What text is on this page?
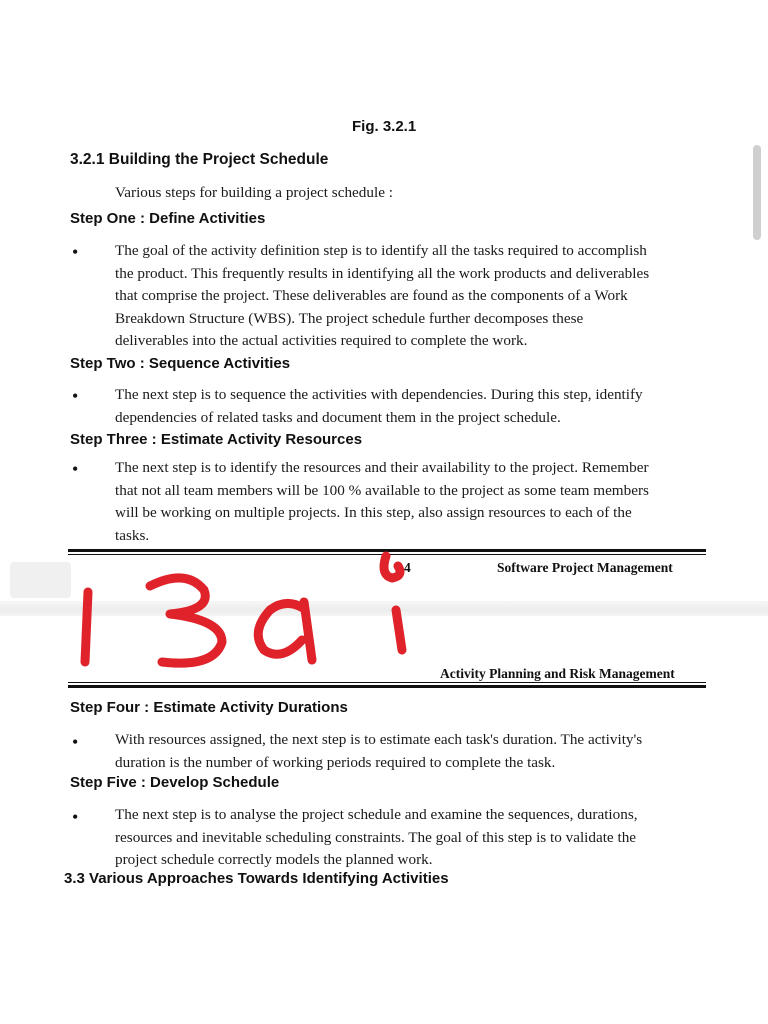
Fig. 3.2.1
3.2.1 Building the Project Schedule
Various steps for building a project schedule :
Step One : Define Activities
• The goal of the activity definition step is to identify all the tasks required to accomplish
the product. This frequently results in identifying all the work products and deliverables
that comprise the project. These deliverables are found as the components of a Work
Breakdown Structure (WBS). The project schedule further decomposes these
deliverables into the actual activities required to complete the work.
Step Two : Sequence Activities
• The next step is to sequence the activities with dependencies. During this step, identify
dependencies of related tasks and document them in the project schedule.
Step Three : Estimate Activity Resources
• The next step is to identify the resources and their availability to the project. Remember
that not all team members will be 100 % available to the project as some team members
will be working on multiple projects. In this step, also assign resources to each of the
tasks.
4	Software Project Management
Activity Planning and Risk Management
Step Four : Estimate Activity Durations
• With resources assigned, the next step is to estimate each task's duration. The activity's
duration is the number of working periods required to complete the task.
Step Five : Develop Schedule
• The next step is to analyse the project schedule and examine the sequences, durations,
resources and inevitable scheduling constraints. The goal of this step is to validate the
project schedule correctly models the planned work.
3.3 Various Approaches Towards Identifying Activities
